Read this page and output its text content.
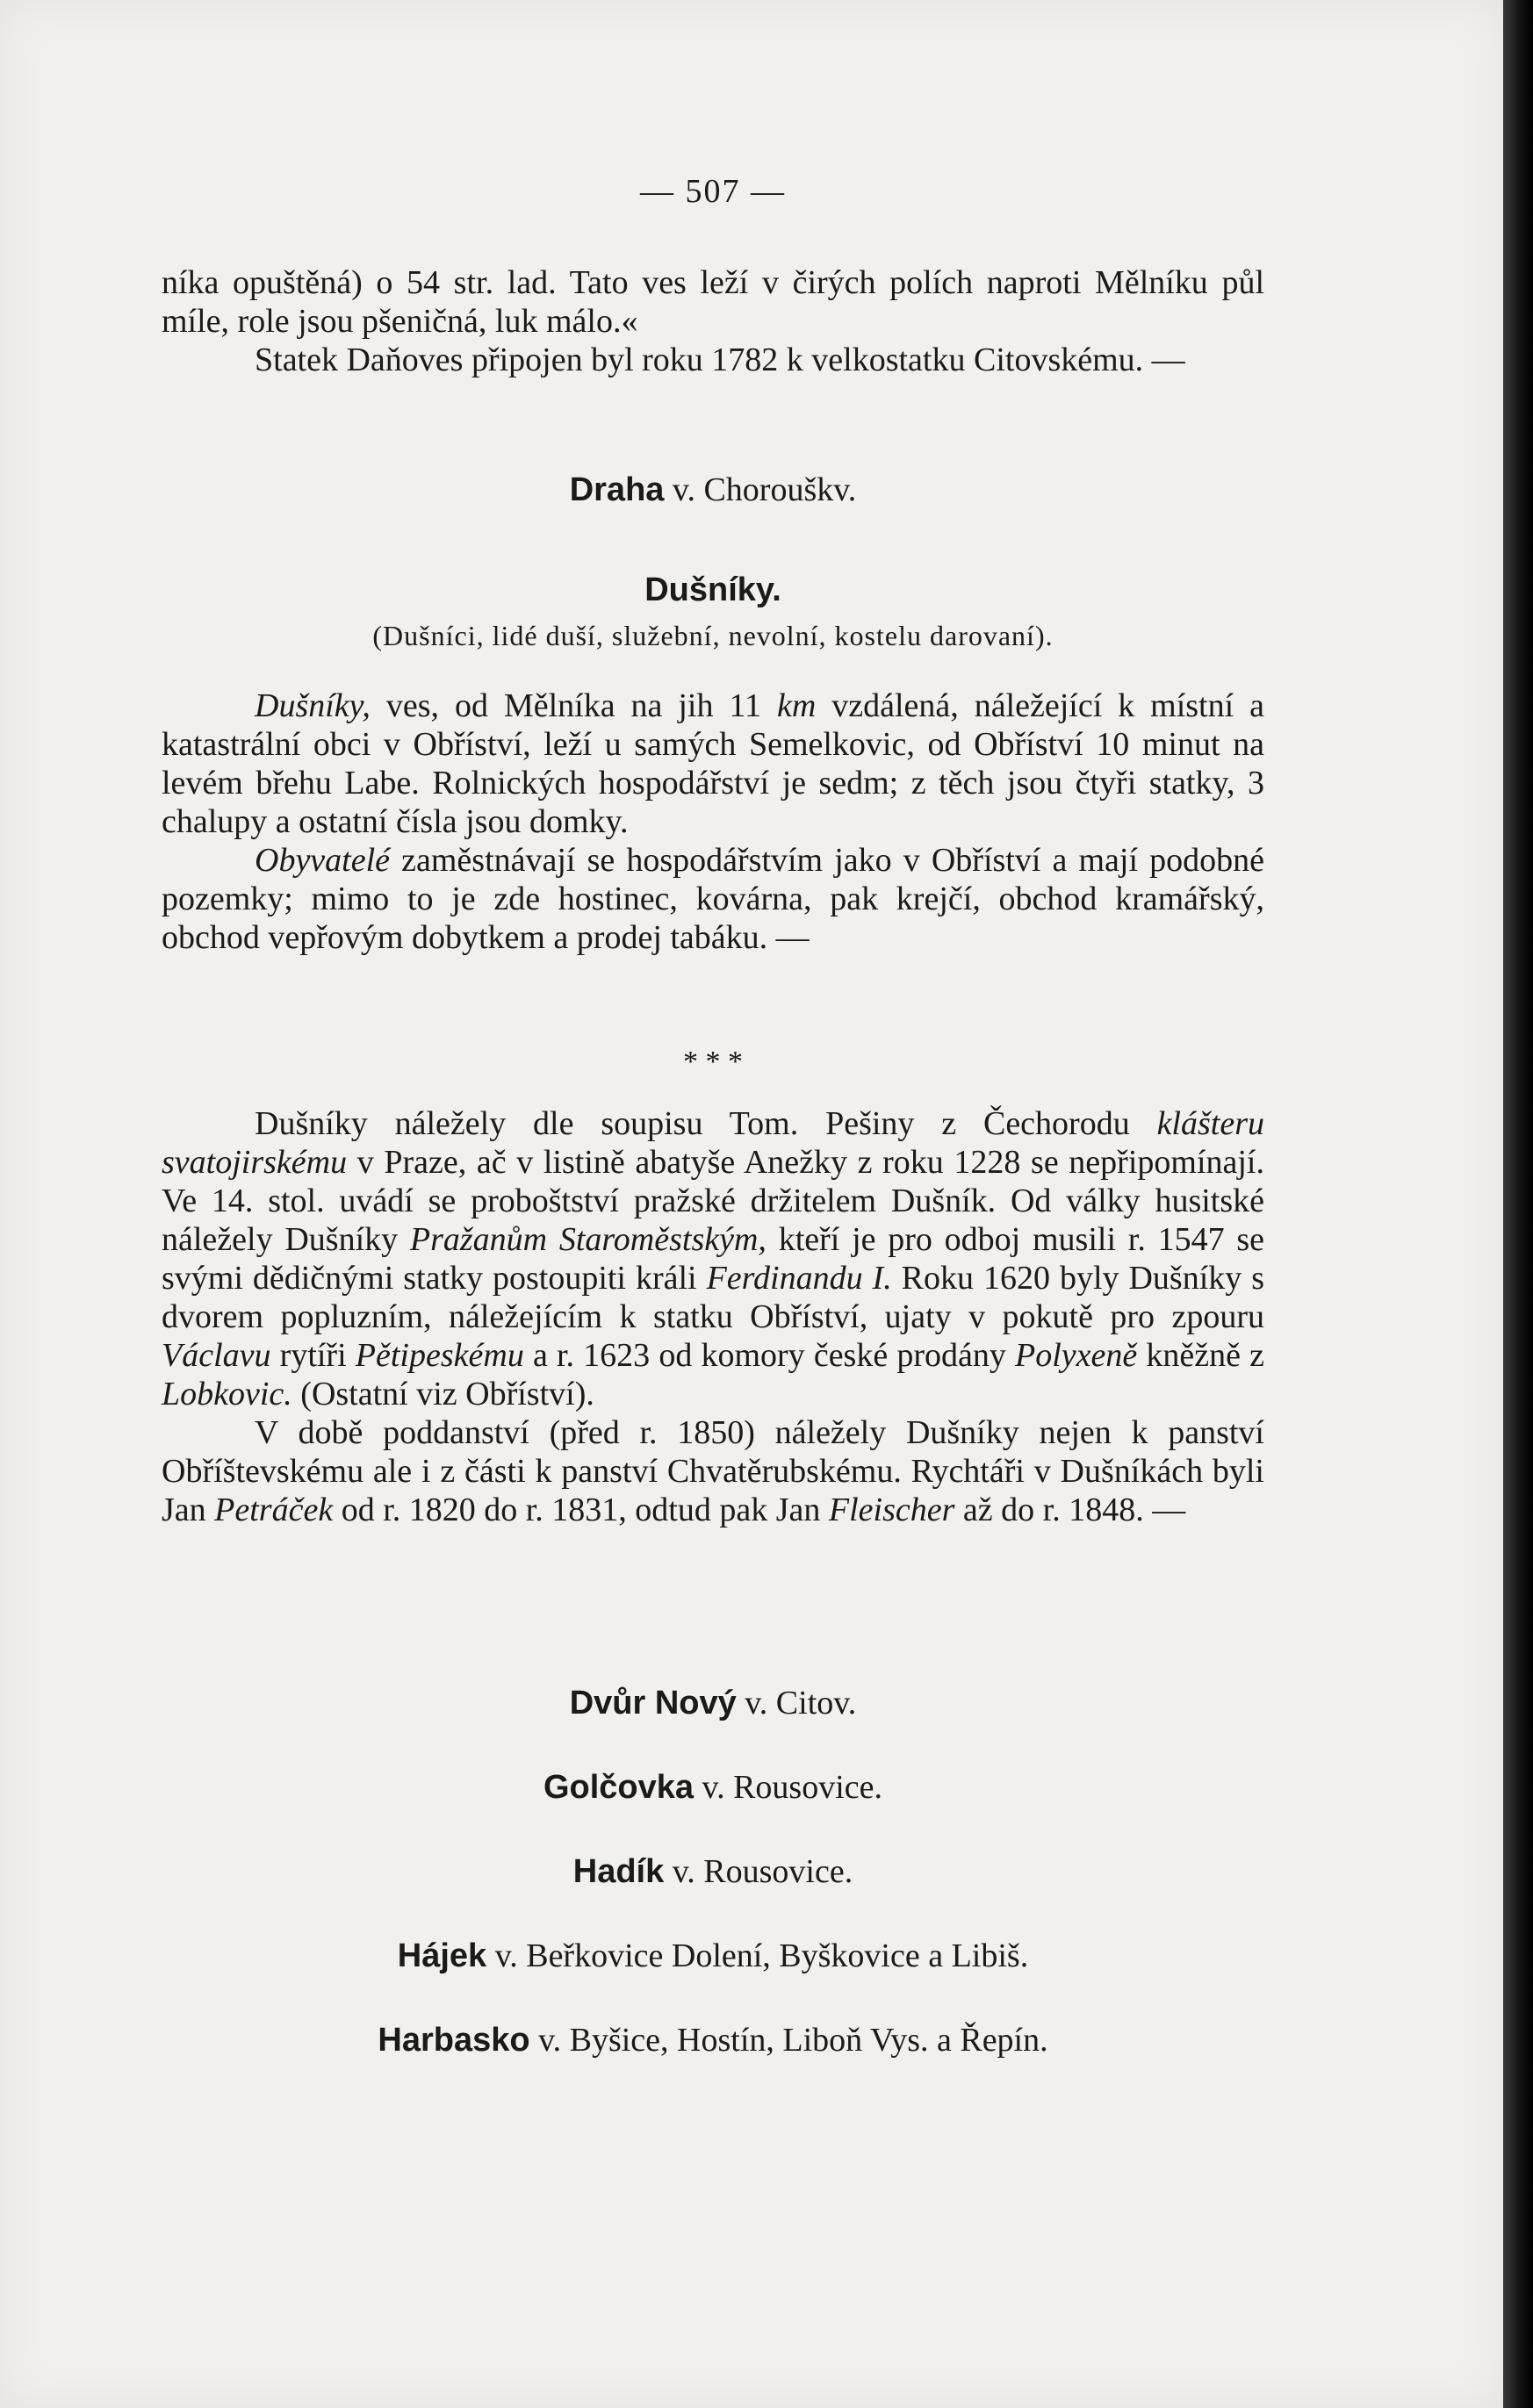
— 507 —

níka opuštěná) o 54 str. lad. Tato ves leží v čirých polích naproti Mělníku půl míle, role jsou pšeničná, luk málo.«

Statek Daňoves připojen byl roku 1782 k velkostatku Citovskému. —

Draha v. Chorouškv.
Dušníky.
(Dušníci, lidé duší, služební, nevolní, kostelu darovaní).

Dušníky, ves, od Mělníka na jih 11 km vzdálená, náležející k místní a katastrální obci v Obříství, leží u samých Semelkovic, od Obříství 10 minut na levém břehu Labe. Rolnických hospodářství je sedm; z těch jsou čtyři statky, 3 chalupy a ostatní čísla jsou domky.

Obyvatelé zaměstnávají se hospodářstvím jako v Obříství a mají podobné pozemky; mimo to je zde hostinec, kovárna, pak krejčí, obchod kramářský, obchod vepřovým dobytkem a prodej tabáku. —

* * *

Dušníky náležely dle soupisu Tom. Pešiny z Čechorodu klášteru svatojirskému v Praze, ač v listině abatyše Anežky z roku 1228 se nepřipomínají. Ve 14. stol. uvádí se proboštství pražské držitelem Dušník. Od války husitské náležely Dušníky Pražanům Staroměstským, kteří je pro odboj musili r. 1547 se svými dědičnými statky postoupiti králi Ferdinandu I. Roku 1620 byly Dušníky s dvorem popluzním, náležejícím k statku Obříství, ujaty v pokutě pro zpouru Václavu rytíři Pětipeskému a r. 1623 od komory české prodány Polyxeně kněžně z Lobkovic. (Ostatní viz Obříství).

V době poddanství (před r. 1850) náležely Dušníky nejen k panství Obříštevskému ale i z části k panství Chvatěrubskému. Rychtáři v Dušníkách byli Jan Petráček od r. 1820 do r. 1831, odtud pak Jan Fleischer až do r. 1848. —

Dvůr Nový v. Citov.
Golčovka v. Rousovice.
Hadík v. Rousovice.
Hájek v. Beřkovice Dolení, Byškovice a Libiš.
Harbasko v. Byšice, Hostín, Liboň Vys. a Řepín.
